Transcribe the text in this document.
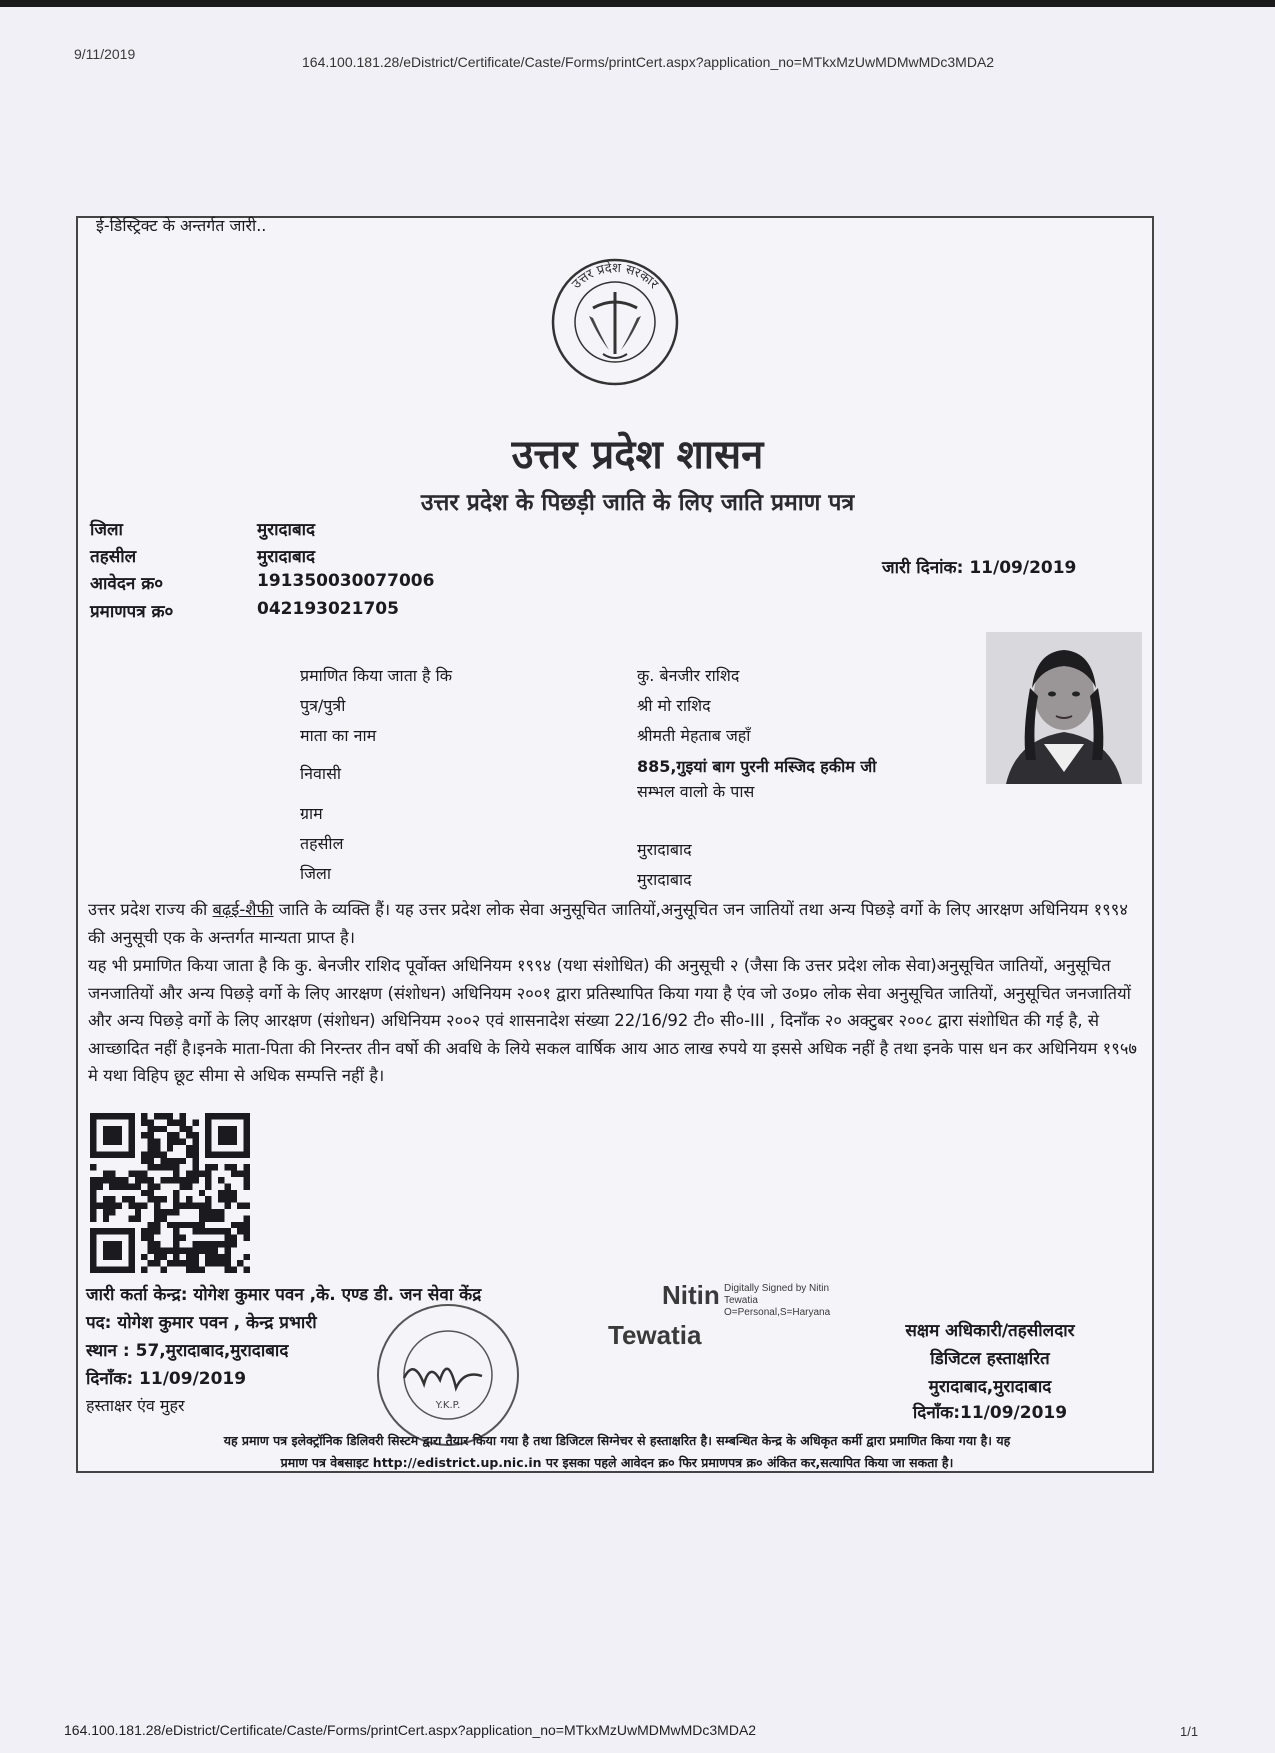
9/11/2019	164.100.181.28/eDistrict/Certificate/Caste/Forms/printCert.aspx?application_no=MTkxMzUwMDMwMDc3MDA2
ई-डिस्ट्रिक्ट के अन्तर्गत जारी..
उत्तर प्रदेश सरकार
उत्तर प्रदेश शासन
उत्तर प्रदेश के पिछड़ी जाति के लिए जाति प्रमाण पत्र
जिला	मुरादाबाद
तहसील	मुरादाबाद
आवेदन क्र०	191350030077006
प्रमाणपत्र क्र०	042193021705
जारी दिनांक: 11/09/2019
प्रमाणित किया जाता है कि	कु. बेनजीर राशिद
पुत्र/पुत्री	श्री मो राशिद
माता का नाम	श्रीमती मेहताब जहाँ
निवासी	885,गुइयां बाग पुरनी मस्जिद हकीम जी
सम्भल वालो के पास
ग्राम
तहसील	मुरादाबाद
जिला	मुरादाबाद
उत्तर प्रदेश राज्य की बढ़ई-शैफी जाति के व्यक्ति हैं। यह उत्तर प्रदेश लोक सेवा अनुसूचित जातियों,अनुसूचित जन जातियों तथा अन्य पिछड़े वर्गो के लिए आरक्षण अधिनियम १९९४ की अनुसूची एक के अन्तर्गत मान्यता प्राप्त है।
यह भी प्रमाणित किया जाता है कि कु. बेनजीर राशिद पूर्वोक्त अधिनियम १९९४ (यथा संशोधित) की अनुसूची २ (जैसा कि उत्तर प्रदेश लोक सेवा)अनुसूचित जातियों, अनुसूचित जनजातियों और अन्य पिछड़े वर्गो के लिए आरक्षण (संशोधन) अधिनियम २००१ द्वारा प्रतिस्थापित किया गया है एंव जो उ०प्र० लोक सेवा अनुसूचित जातियों, अनुसूचित जनजातियों और अन्य पिछड़े वर्गो के लिए आरक्षण (संशोधन) अधिनियम २००२ एवं शासनादेश संख्या 22/16/92 टी० सी०-III , दिनाँक २० अक्टुबर २००८ द्वारा संशोधित की गई है, से आच्छादित नहीं है।इनके माता-पिता की निरन्तर तीन वर्षो की अवधि के लिये सकल वार्षिक आय आठ लाख रुपये या इससे अधिक नहीं है तथा इनके पास धन कर अधिनियम १९५७ मे यथा विहिप छूट सीमा से अधिक सम्पत्ति नहीं है।
जारी कर्ता केन्द्र: योगेश कुमार पवन ,के. एण्ड डी. जन सेवा केंद्र
पद: योगेश कुमार पवन , केन्द्र प्रभारी
स्थान : 57,मुरादाबाद,मुरादाबाद
दिनाँक: 11/09/2019
हस्ताक्षर एंव मुहर	Y.K.P.
Nitin
Tewatia
Digitally Signed by Nitin
Tewatia
O=Personal,S=Haryana
सक्षम अधिकारी/तहसीलदार
डिजिटल हस्ताक्षरित
मुरादाबाद,मुरादाबाद
दिनाँक:11/09/2019
यह प्रमाण पत्र इलेक्ट्रॉनिक डिलिवरी सिस्टम द्वारा तैयार किया गया है तथा डिजिटल सिग्नेचर से हस्ताक्षरित है। सम्बन्धित केन्द्र के अधिकृत कर्मी द्वारा प्रमाणित किया गया है। यह
प्रमाण पत्र वेबसाइट http://edistrict.up.nic.in पर इसका पहले आवेदन क्र० फिर प्रमाणपत्र क्र० अंकित कर,सत्यापित किया जा सकता है।
164.100.181.28/eDistrict/Certificate/Caste/Forms/printCert.aspx?application_no=MTkxMzUwMDMwMDc3MDA2	1/1
